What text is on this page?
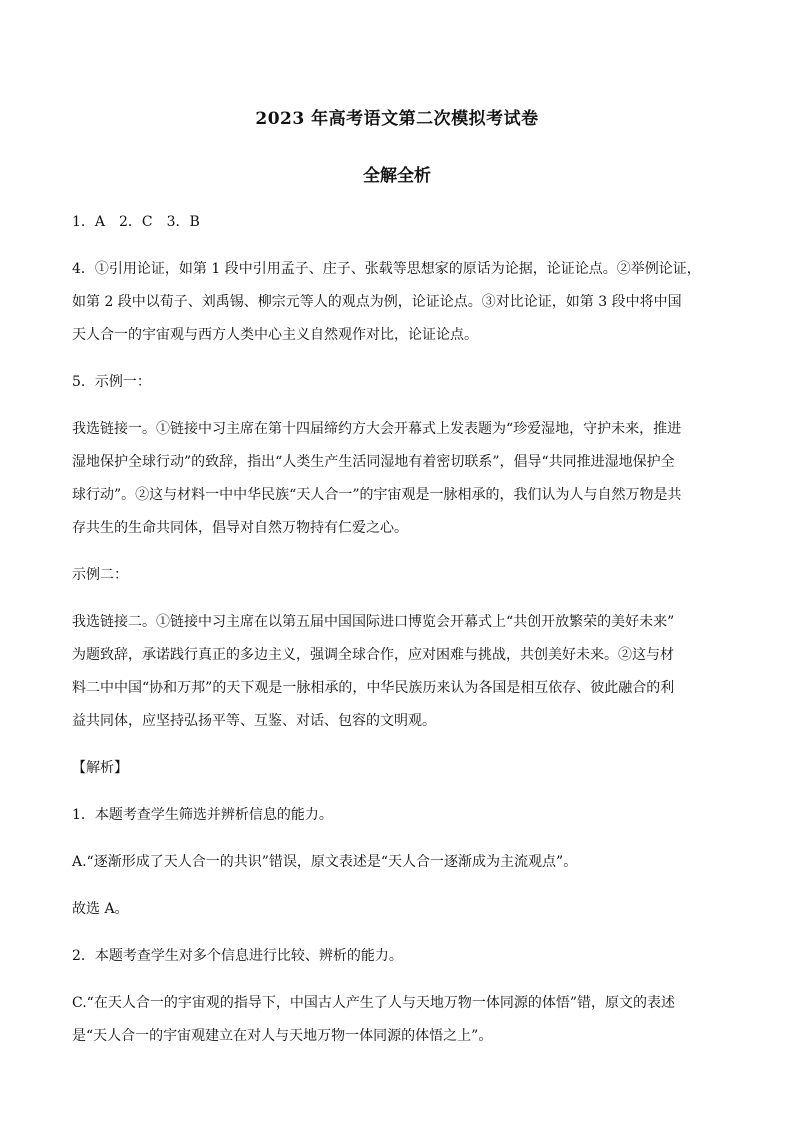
2023 年高考语文第二次模拟考试卷
全解全析

1．A　2．C　3．B

4．①引用论证，如第 1 段中引用孟子、庄子、张载等思想家的原话为论据，论证论点。②举例论证，
如第 2 段中以荀子、刘禹锡、柳宗元等人的观点为例，论证论点。③对比论证，如第 3 段中将中国
天人合一的宇宙观与西方人类中心主义自然观作对比，论证论点。

5．示例一：

我选链接一。①链接中习主席在第十四届缔约方大会开幕式上发表题为“珍爱湿地，守护未来，推进
湿地保护全球行动”的致辞，指出“人类生产生活同湿地有着密切联系”，倡导“共同推进湿地保护全
球行动”。②这与材料一中中华民族“天人合一”的宇宙观是一脉相承的，我们认为人与自然万物是共
存共生的生命共同体，倡导对自然万物持有仁爱之心。

示例二：

我选链接二。①链接中习主席在以第五届中国国际进口博览会开幕式上“共创开放繁荣的美好未来”
为题致辞，承诺践行真正的多边主义，强调全球合作，应对困难与挑战，共创美好未来。②这与材
料二中中国“协和万邦”的天下观是一脉相承的，中华民族历来认为各国是相互依存、彼此融合的利
益共同体，应坚持弘扬平等、互鉴、对话、包容的文明观。

【解析】

1．本题考查学生筛选并辨析信息的能力。

A.“逐渐形成了天人合一的共识”错误，原文表述是“天人合一逐渐成为主流观点”。

故选 A。

2．本题考查学生对多个信息进行比较、辨析的能力。

C.“在天人合一的宇宙观的指导下，中国古人产生了人与天地万物一体同源的体悟”错，原文的表述
是“天人合一的宇宙观建立在对人与天地万物一体同源的体悟之上”。
